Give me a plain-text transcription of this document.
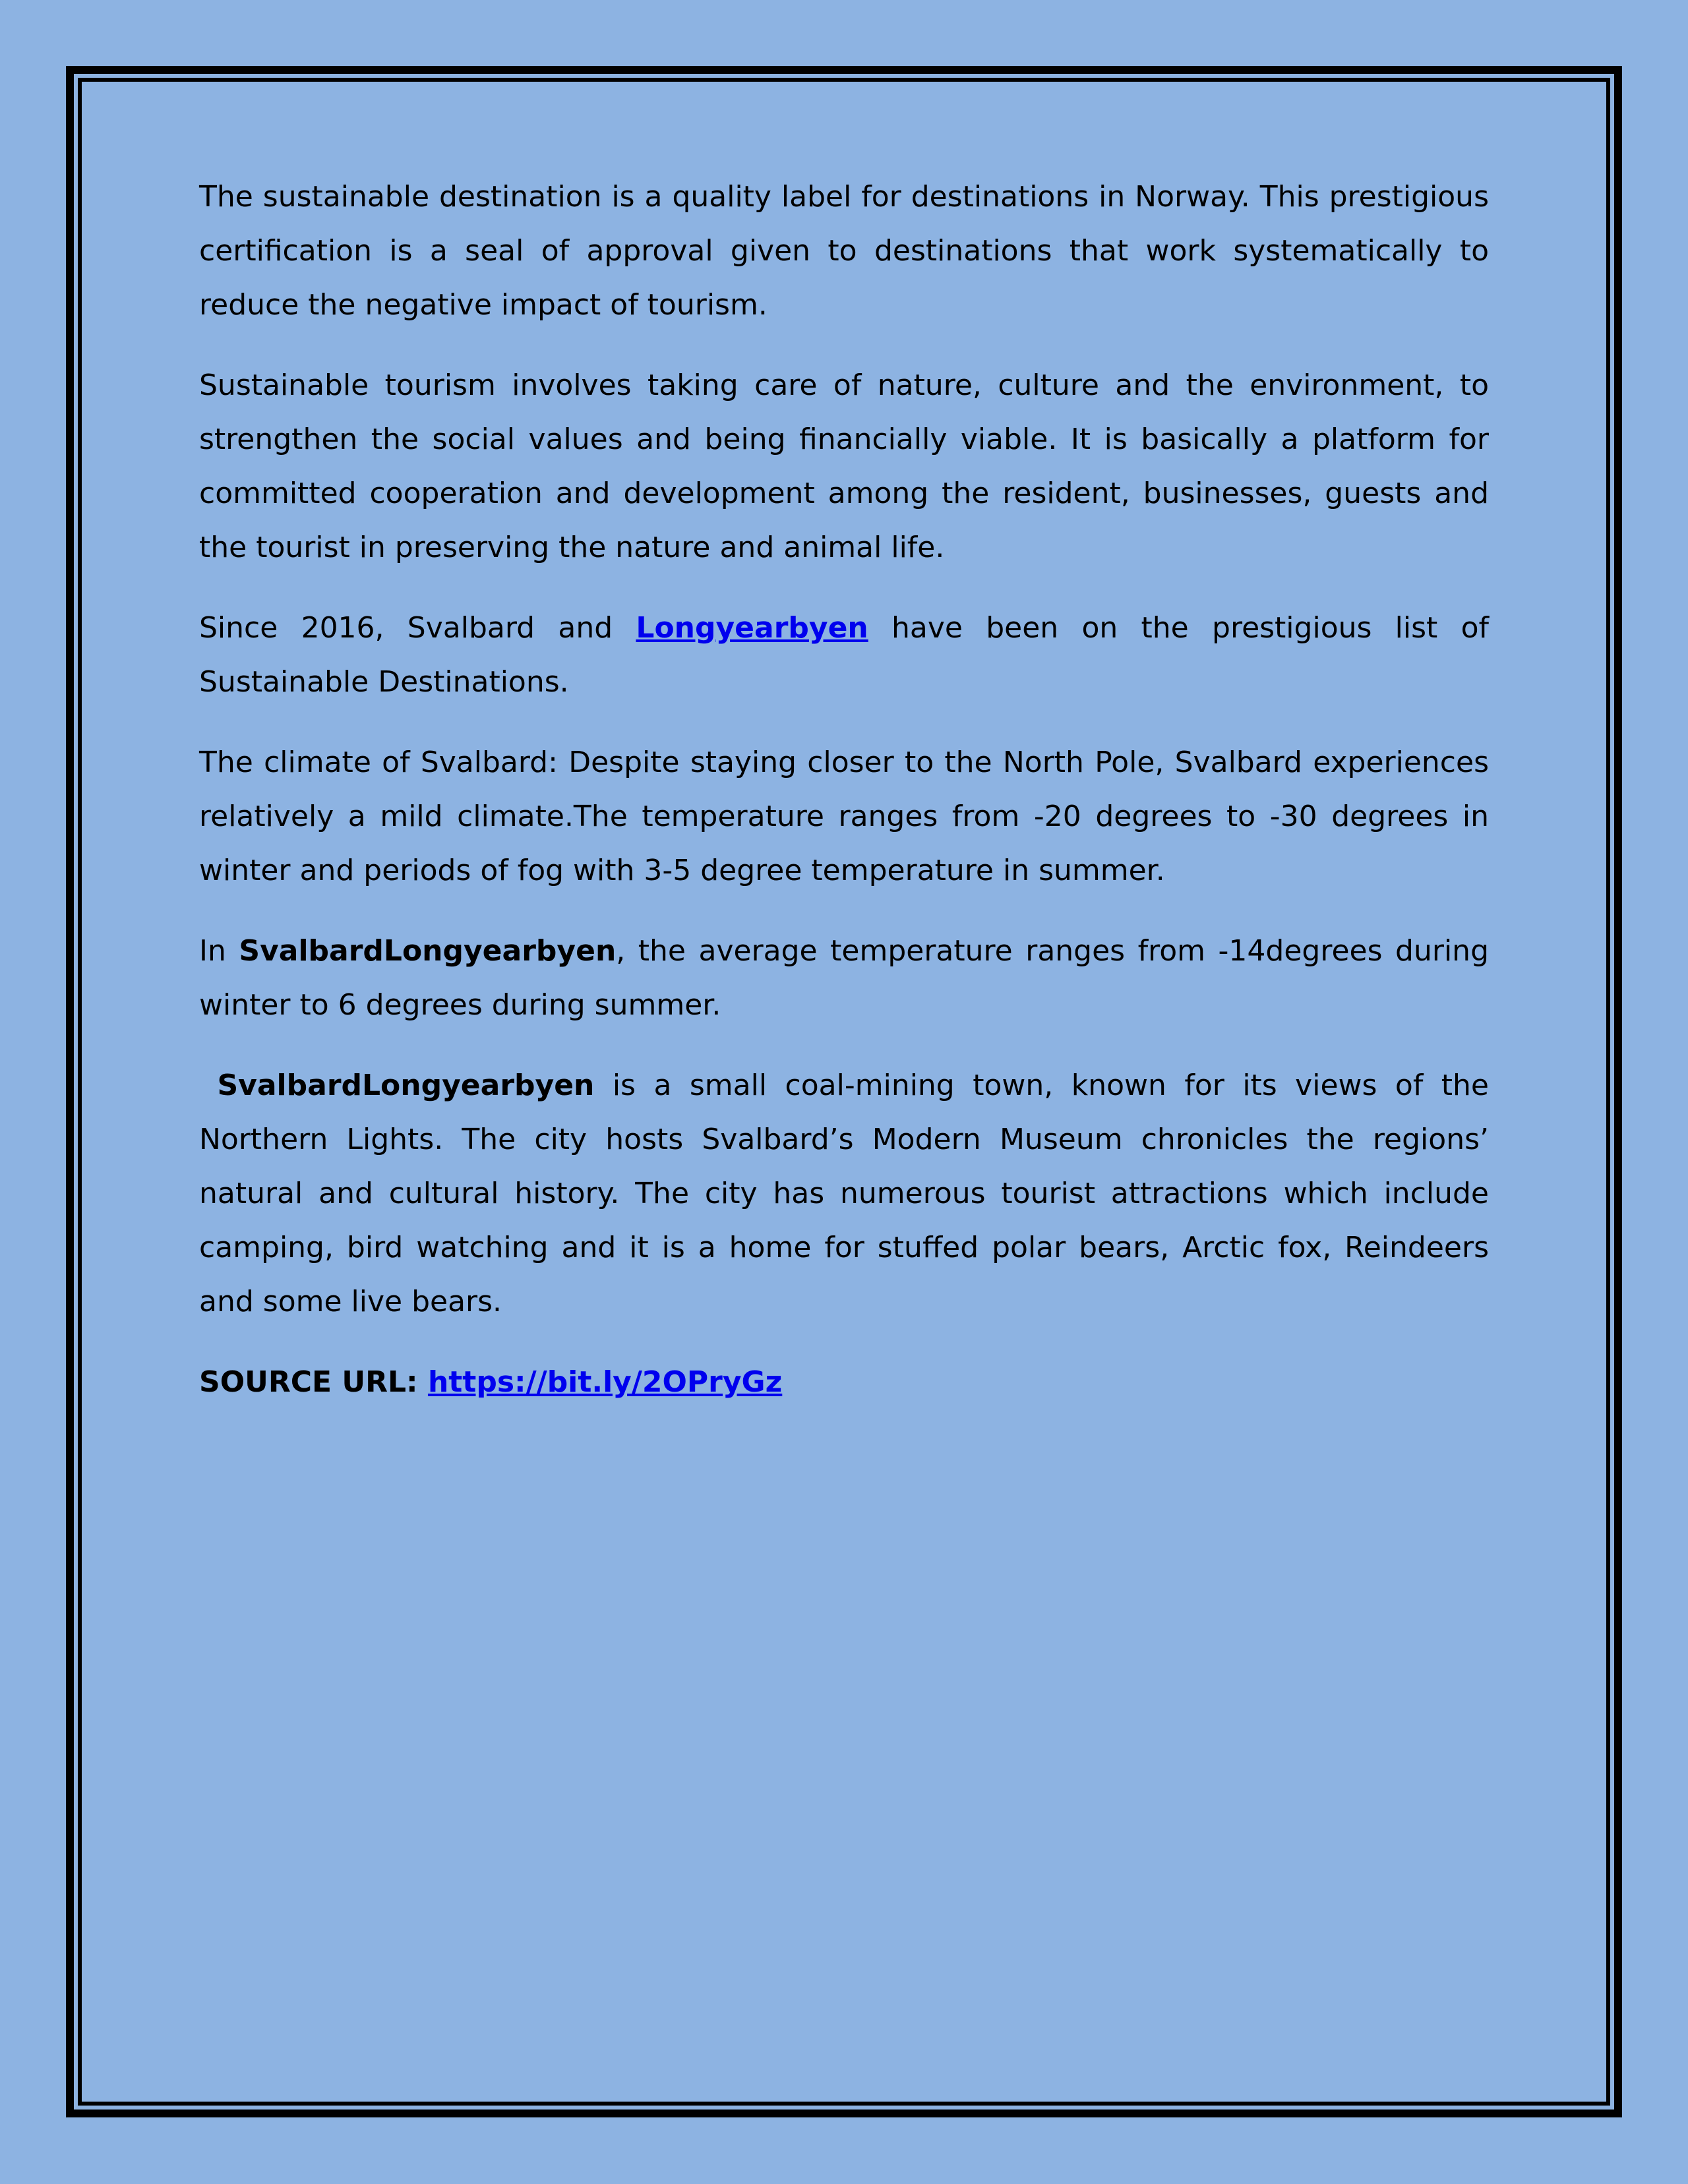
The sustainable destination is a quality label for destinations in Norway. This prestigious certification is a seal of approval given to destinations that work systematically to reduce the negative impact of tourism.

Sustainable tourism involves taking care of nature, culture and the environment, to strengthen the social values and being financially viable. It is basically a platform for committed cooperation and development among the resident, businesses, guests and the tourist in preserving the nature and animal life.

Since 2016, Svalbard and Longyearbyen have been on the prestigious list of Sustainable Destinations.

The climate of Svalbard: Despite staying closer to the North Pole, Svalbard experiences relatively a mild climate.The temperature ranges from -20 degrees to -30 degrees in winter and periods of fog with 3-5 degree temperature in summer.

In SvalbardLongyearbyen, the average temperature ranges from -14degrees during winter to 6 degrees during summer.

SvalbardLongyearbyen is a small coal-mining town, known for its views of the Northern Lights. The city hosts Svalbard’s Modern Museum chronicles the regions’ natural and cultural history. The city has numerous tourist attractions which include camping, bird watching and it is a home for stuffed polar bears, Arctic fox, Reindeers and some live bears.

SOURCE URL: https://bit.ly/2OPryGz
